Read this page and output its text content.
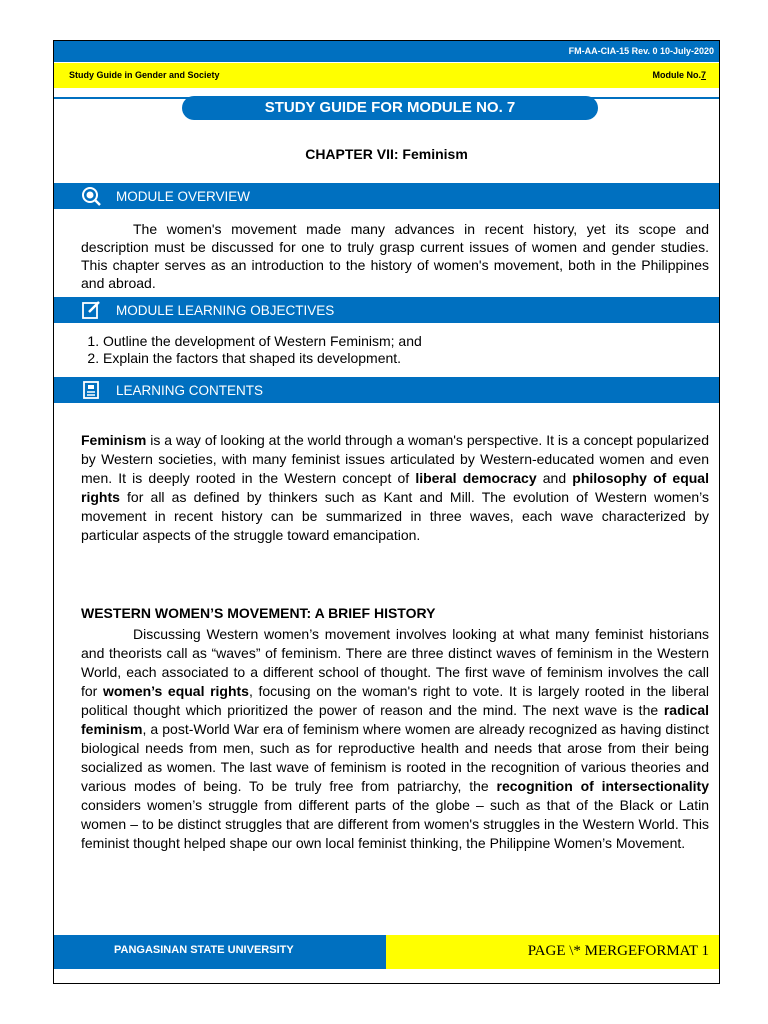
FM-AA-CIA-15 Rev. 0 10-July-2020
Study Guide in Gender and Society	Module No.7
STUDY GUIDE FOR MODULE NO. 7
CHAPTER VII: Feminism
MODULE OVERVIEW
The women's movement made many advances in recent history, yet its scope and description must be discussed for one to truly grasp current issues of women and gender studies. This chapter serves as an introduction to the history of women's movement, both in the Philippines and abroad.
MODULE LEARNING OBJECTIVES
1. Outline the development of Western Feminism; and
2. Explain the factors that shaped its development.
LEARNING CONTENTS
Feminism is a way of looking at the world through a woman's perspective. It is a concept popularized by Western societies, with many feminist issues articulated by Western-educated women and even men. It is deeply rooted in the Western concept of liberal democracy and philosophy of equal rights for all as defined by thinkers such as Kant and Mill. The evolution of Western women’s movement in recent history can be summarized in three waves, each wave characterized by particular aspects of the struggle toward emancipation.
WESTERN WOMEN’S MOVEMENT: A BRIEF HISTORY
Discussing Western women’s movement involves looking at what many feminist historians and theorists call as “waves” of feminism. There are three distinct waves of feminism in the Western World, each associated to a different school of thought. The first wave of feminism involves the call for women’s equal rights, focusing on the woman's right to vote. It is largely rooted in the liberal political thought which prioritized the power of reason and the mind. The next wave is the radical feminism, a post-World War era of feminism where women are already recognized as having distinct biological needs from men, such as for reproductive health and needs that arose from their being socialized as women. The last wave of feminism is rooted in the recognition of various theories and various modes of being. To be truly free from patriarchy, the recognition of intersectionality considers women’s struggle from different parts of the globe – such as that of the Black or Latin women – to be distinct struggles that are different from women's struggles in the Western World. This feminist thought helped shape our own local feminist thinking, the Philippine Women’s Movement.
PANGASINAN STATE UNIVERSITY	PAGE \* MERGEFORMAT 1
